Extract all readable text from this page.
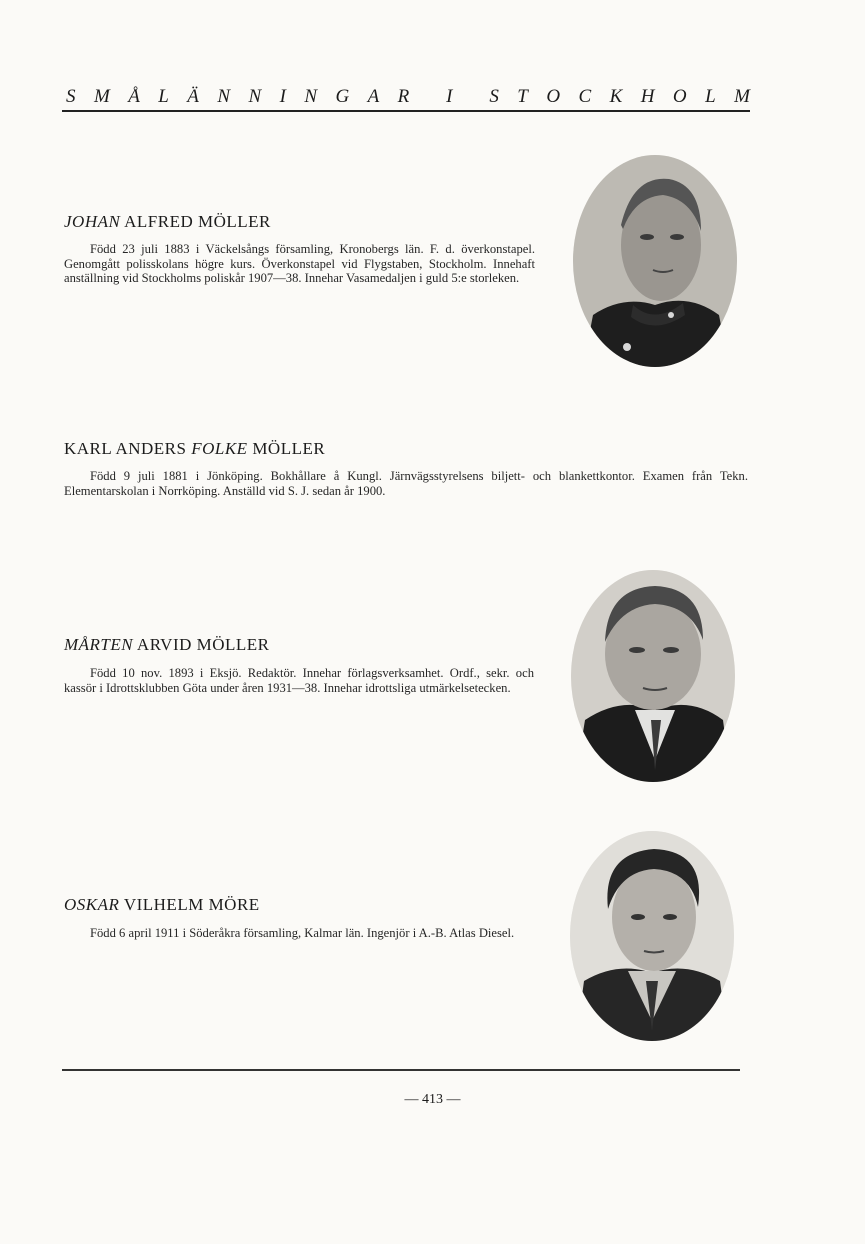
S M Å L Ä N N I N G A R I S T O C K H O L M
JOHAN ALFRED MÖLLER

Född 23 juli 1883 i Väckelsångs församling, Kronobergs län. F. d. överkonstapel. Genomgått polisskolans högre kurs. Överkonstapel vid Flygstaben, Stockholm. Innehaft anställning vid Stockholms poliskår 1907—38. Innehar Vasamedaljen i guld 5:e storleken.

KARL ANDERS FOLKE MÖLLER

Född 9 juli 1881 i Jönköping. Bokhållare å Kungl. Järnvägsstyrelsens biljett- och blankettkontor. Examen från Tekn. Elementarskolan i Norrköping. Anställd vid S. J. sedan år 1900.

MÅRTEN ARVID MÖLLER

Född 10 nov. 1893 i Eksjö. Redaktör. Innehar förlagsverksamhet. Ordf., sekr. och kassör i Idrottsklubben Göta under åren 1931—38. Innehar idrottsliga utmärkelsetecken.

OSKAR VILHELM MÖRE

Född 6 april 1911 i Söderåkra församling, Kalmar län. Ingenjör i A.-B. Atlas Diesel.

— 413 —
